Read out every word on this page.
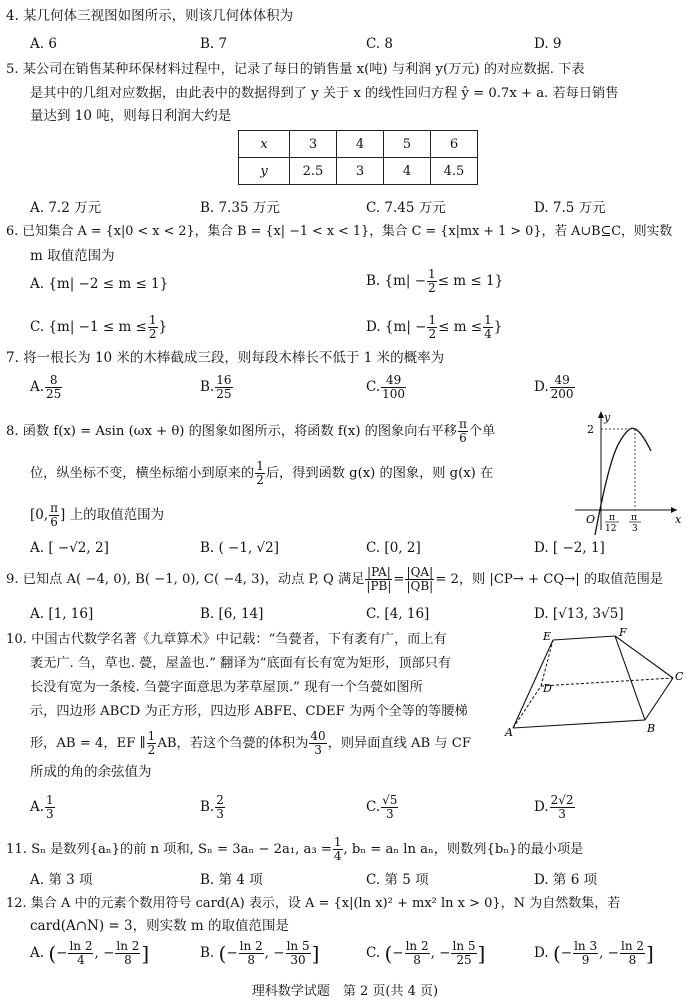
4. 某几何体三视图如图所示，则该几何体体积为
A. 6	B. 7	C. 8	D. 9
5. 某公司在销售某种环保材料过程中，记录了每日的销售量 x(吨) 与利润 y(万元) 的对应数据. 下表
是其中的几组对应数据，由此表中的数据得到了 y 关于 x 的线性回归方程 ŷ = 0.7x + a. 若每日销售
量达到 10 吨，则每日利润大约是
x	3	4	5	6
y	2.5	3	4	4.5
A. 7.2 万元	B. 7.35 万元	C. 7.45 万元	D. 7.5 万元
6. 已知集合 A = {x|0 < x < 2}，集合 B = {x| −1 < x < 1}，集合 C = {x|mx + 1 > 0}，若 A∪B⊆C，则实数
m 取值范围为
A. {m| −2 ≤ m ≤ 1}	B. $\{m| - \frac{1}{2} \le m \le 1\}$
C. {$m| -1 \le m \le \frac{1}{2}$ }	D. {$m| - \frac{1}{2} \le m \le \frac{1}{4}$ }
7. 将一根长为 10 米的木棒截成三段，则每段木棒长不低于 1 米的概率为
A. $\frac{8}{25}$	B. $\frac{16}{25}$	C. $\frac{49}{100}$	D. $\frac{49}{200}$
8. 函数 f(x) = Asin (ωx + θ) 的图象如图所示，将函数 f(x) 的图象向右平移 $\frac{\pi}{6}$ 个单
位，纵坐标不变，横坐标缩小到原来的 $\frac{1}{2}$ 后，得到函数 g(x) 的图象，则 g(x) 在
[0, $\frac{\pi}{6}$ ] 上的取值范围为
A. [ −√2, 2]	B. ( −1, √2]	C. [0, 2]	D. [ −2, 1]
y
x
O
2
π
12
π
3
9. 已知点 A( −4, 0), B( −1, 0), C( −4, 3)，动点 P, Q 满足 $\frac{|PA|}{|PB|} = \frac{|QA|}{|QB|} = 2$，则 |CP→ + CQ→| 的取值范围是
A. [1, 16]	B. [6, 14]	C. [4, 16]	D. [√13, 3√5]
10. 中国古代数学名著《九章算术》中记载：“刍甍者，下有袤有广，而上有
袤无广. 刍，草也. 甍，屋盖也.” 翻译为“底面有长有宽为矩形，顶部只有
长没有宽为一条棱. 刍甍字面意思为茅草屋顶.” 现有一个刍甍如图所
示，四边形 ABCD 为正方形，四边形 ABFE、CDEF 为两个全等的等腰梯
形，AB = 4，EF ∥ $\frac{1}{2}$ AB，若这个刍甍的体积为 $\frac{40}{3}$ ，则异面直线 AB 与 CF
所成的角的余弦值为
A. $\frac{1}{3}$	B. $\frac{2}{3}$	C. $\frac{√5}{3}$	D. $\frac{2√2}{3}$
E	F
D
C
A	B
11. Sₙ 是数列{aₙ}的前 n 项和, Sₙ = 3aₙ − 2a₁, $a_3 = \frac{1}{4}$ , bₙ = aₙ ln aₙ，则数列{bₙ}的最小项是
A. 第 3 项	B. 第 4 项	C. 第 5 项	D. 第 6 项
12. 集合 A 中的元素个数用符号 card(A) 表示，设 A = {x|(ln x)² + mx² ln x > 0}，N 为自然数集，若
card(A∩N) = 3，则实数 m 的取值范围是
A. (− $\frac{\ln 2}{4}$ , − $\frac{\ln 2}{8}$ ]	B. (− $\frac{\ln 2}{8}$ , − $\frac{\ln 5}{30}$ ]	C. (− $\frac{\ln 2}{8}$ , − $\frac{\ln 5}{25}$ ]	D. (− $\frac{\ln 3}{9}$ , − $\frac{\ln 2}{8}$ ]
理科数学试题　第 2 页(共 4 页)
